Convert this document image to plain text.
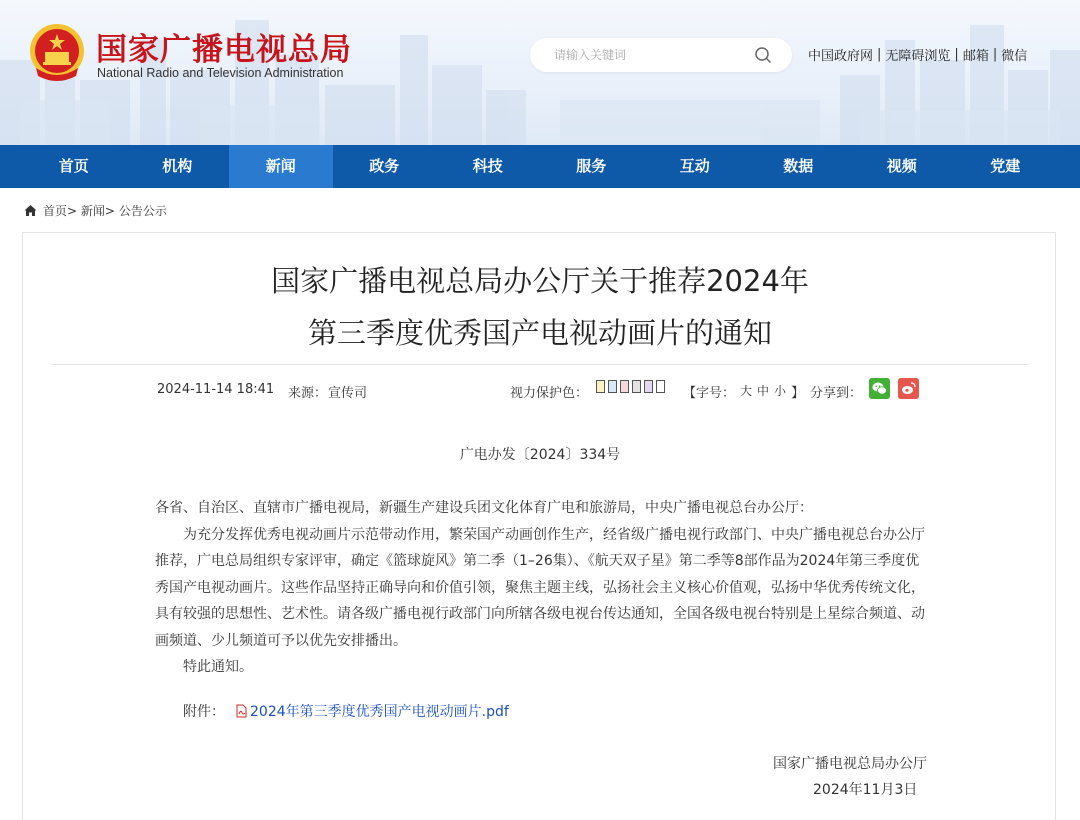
国家广播电视总局
National Radio and Television Administration
请输入关键词
中国政府网 | 无障碍浏览 | 邮箱 | 微信
首页	机构	新闻	政务	科技	服务	互动	数据	视频	党建
首页 >
新闻 >
公告公示
国家广播电视总局办公厅关于推荐2024年
第三季度优秀国产电视动画片的通知
2024-11-14 18:41 来源： 宣传司	视力保护色：	【字号： 大 中 小 】 分享到：
广电办发〔2024〕334号

各省、自治区、直辖市广播电视局，新疆生产建设兵团文化体育广电和旅游局，中央广播电视总台办公厅：

为充分发挥优秀电视动画片示范带动作用，繁荣国产动画创作生产，经省级广播电视行政部门、中央广播电视总台办公厅推荐，广电总局组织专家评审，确定《篮球旋风》第二季（1–26集）、《航天双子星》第二季等8部作品为2024年第三季度优秀国产电视动画片。这些作品坚持正确导向和价值引领，聚焦主题主线，弘扬社会主义核心价值观，弘扬中华优秀传统文化，具有较强的思想性、艺术性。请各级广播电视行政部门向所辖各级电视台传达通知，全国各级电视台特别是上星综合频道、动画频道、少儿频道可予以优先安排播出。

特此通知。

附件： 2024年第三季度优秀国产电视动画片.pdf
国家广播电视总局办公厅
2024年11月3日
